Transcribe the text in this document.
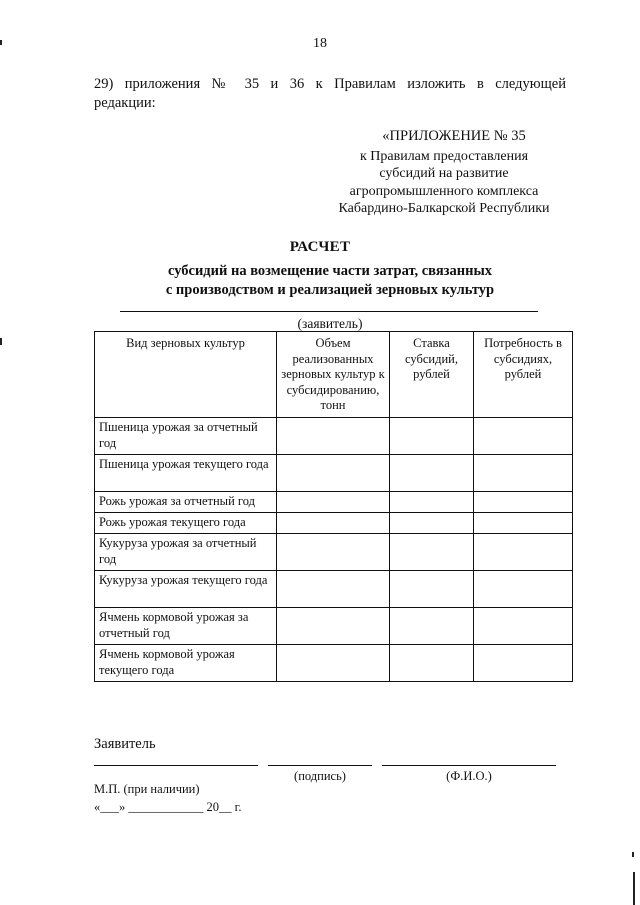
18
29) приложения № 35 и 36 к Правилам изложить в следующей
редакции:
«ПРИЛОЖЕНИЕ № 35
к Правилам предоставления
субсидий на развитие
агропромышленного комплекса
Кабардино-Балкарской Республики
РАСЧЕТ
субсидий на возмещение части затрат, связанных
с производством и реализацией зерновых культур
(заявитель)
Вид зерновых культур	Объем реализованных зерновых культур к субсидированию, тонн	Ставка субсидий, рублей	Потребность в субсидиях, рублей
Пшеница урожая за отчетный год			
Пшеница урожая текущего года			
Рожь урожая за отчетный год			
Рожь урожая текущего года			
Кукуруза урожая за отчетный год			
Кукуруза урожая текущего года			
Ячмень кормовой урожая за отчетный год			
Ячмень кормовой урожая текущего года			
Заявитель
(подпись)	(Ф.И.О.)
М.П. (при наличии)
«___» ____________ 20__ г.
